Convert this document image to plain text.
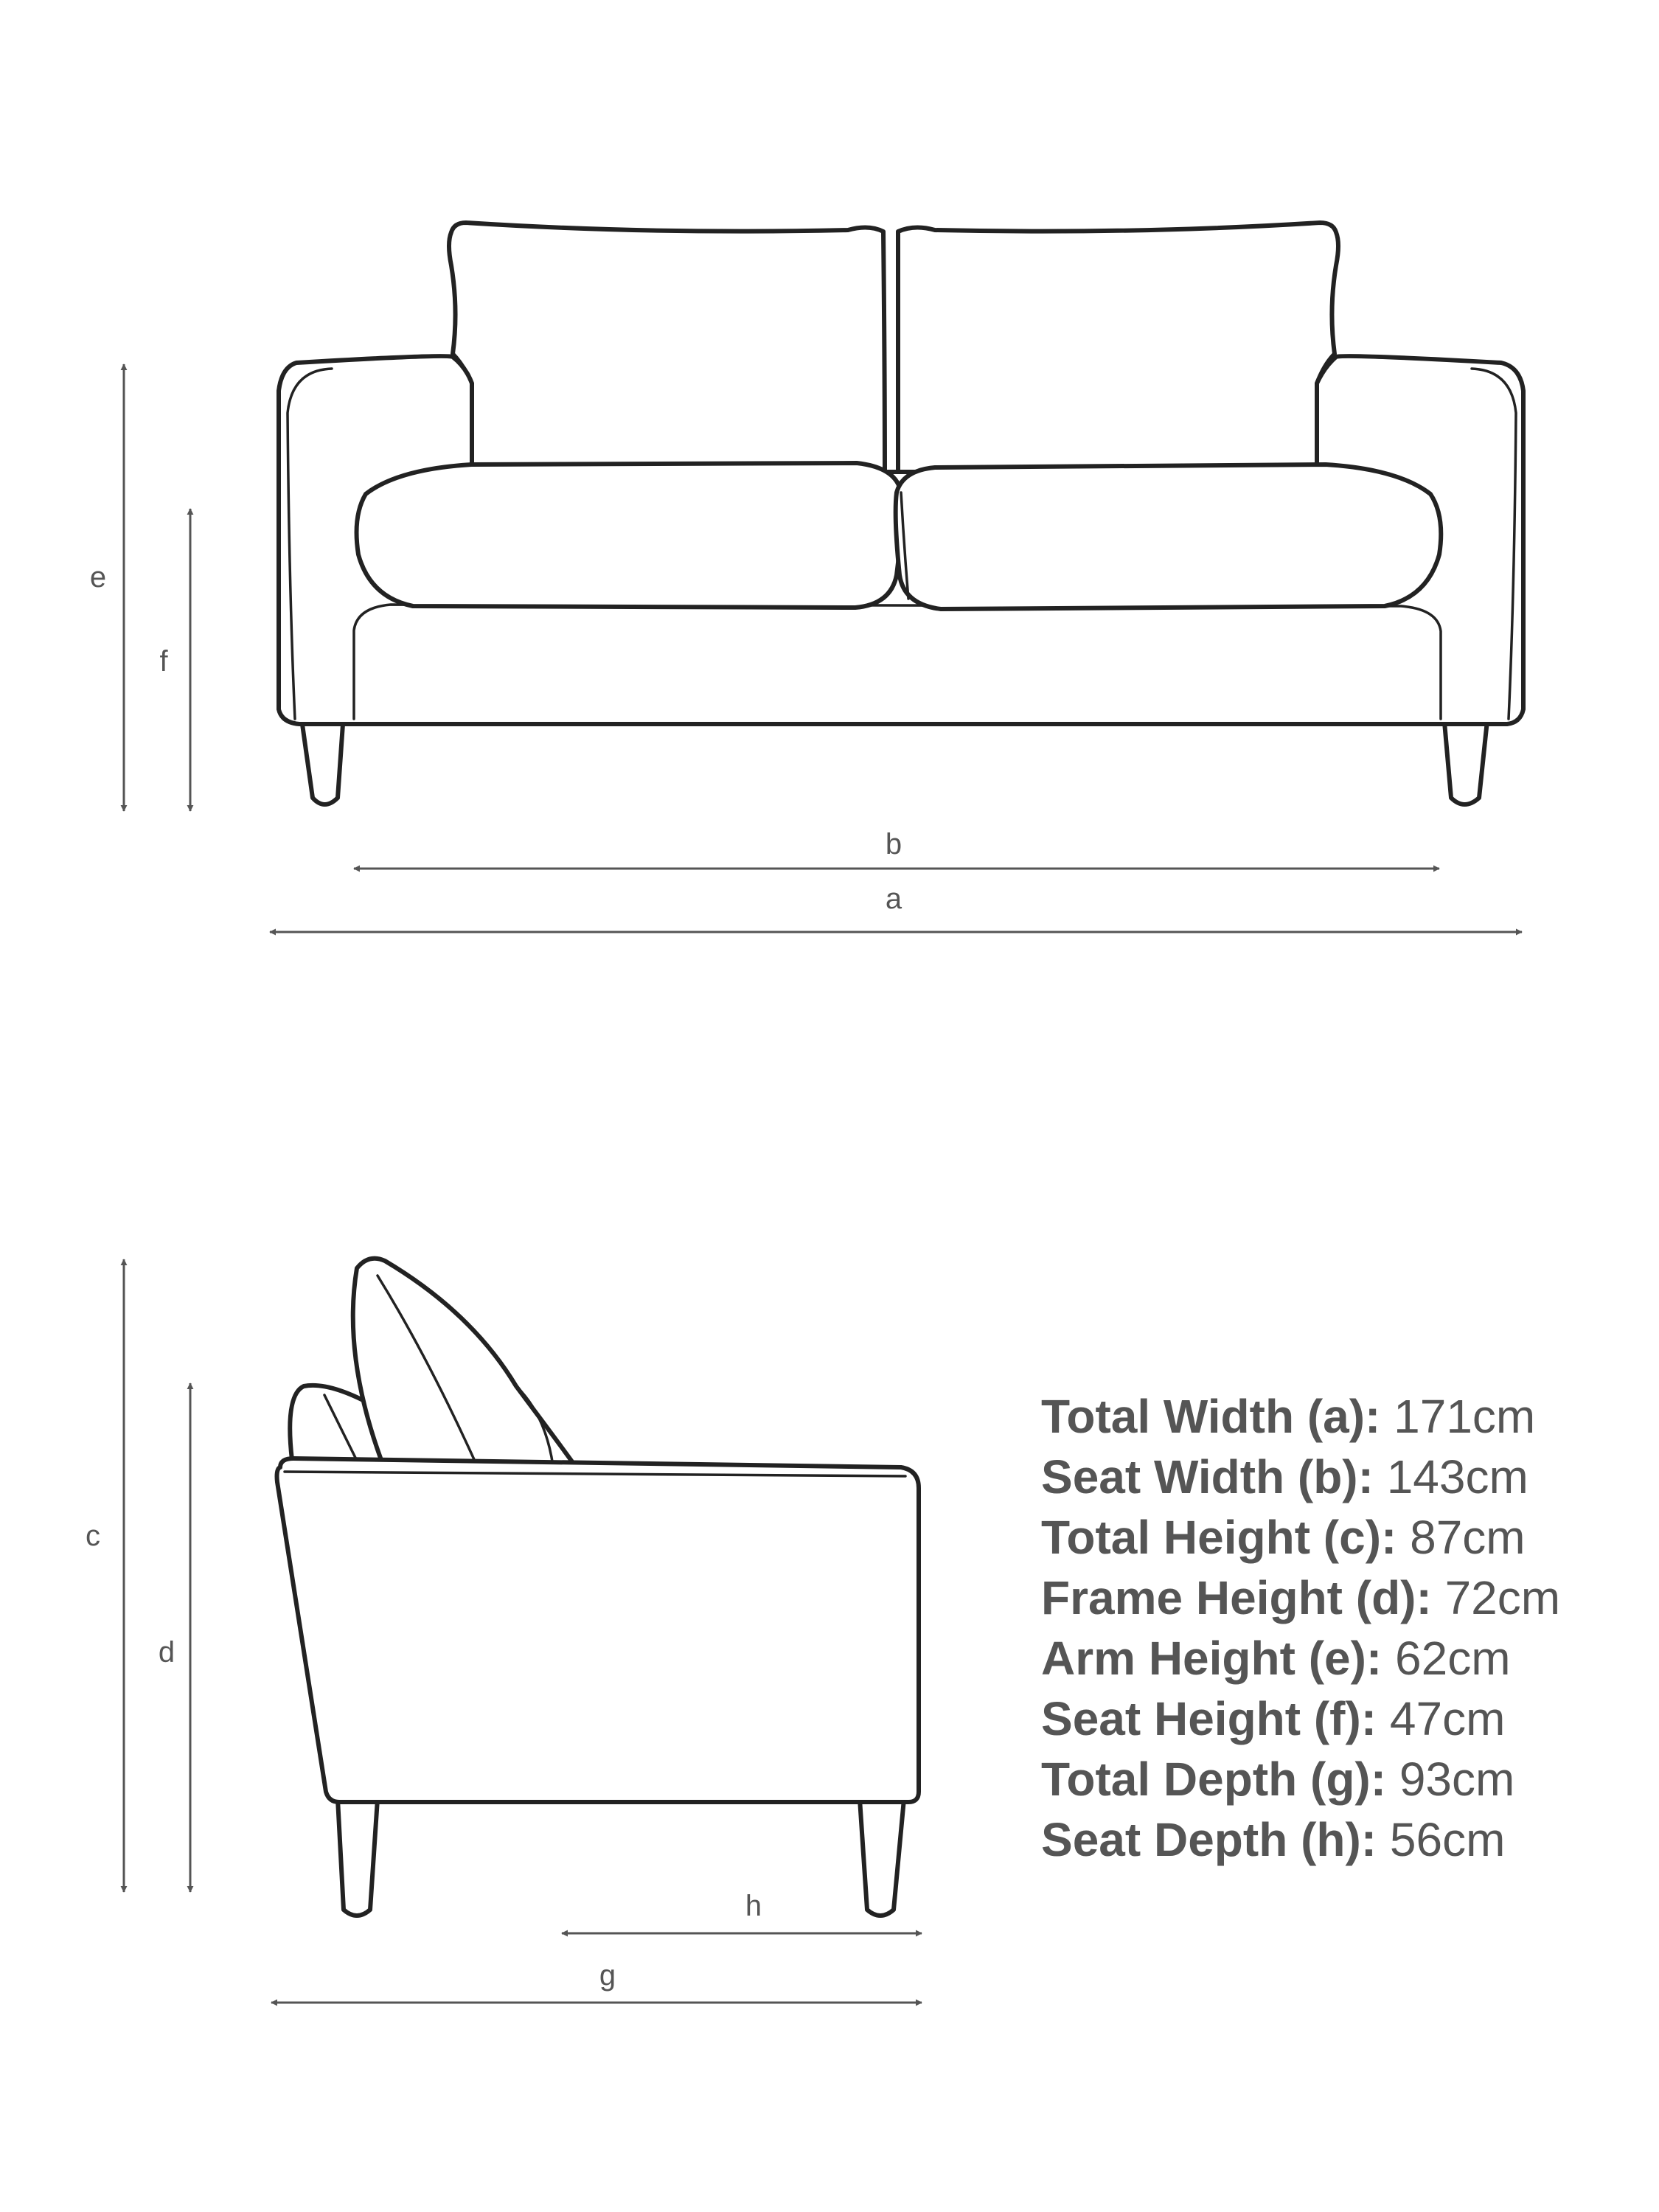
e
f
b
a
c
d
h
g
Total Width (a): 171cm
Seat Width (b): 143cm
Total Height (c): 87cm
Frame Height (d): 72cm
Arm Height (e): 62cm
Seat Height (f): 47cm
Total Depth (g): 93cm
Seat Depth (h): 56cm
